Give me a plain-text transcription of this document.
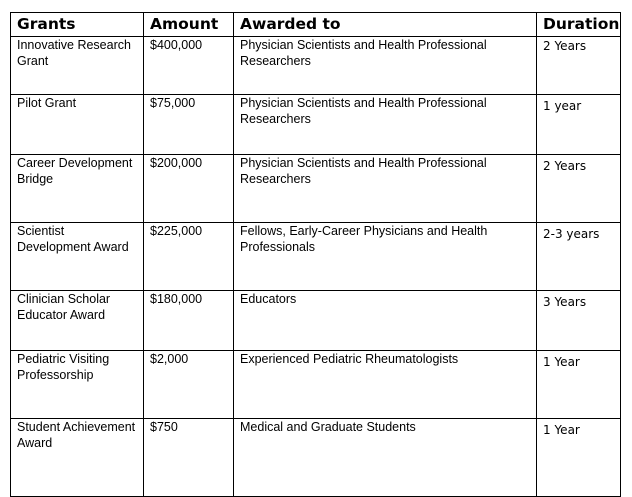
Grants	Amount	Awarded to	Duration
Innovative Research Grant	$400,000	Physician Scientists and Health Professional Researchers	2 Years
Pilot Grant	$75,000	Physician Scientists and Health Professional Researchers	1 year
Career Development Bridge	$200,000	Physician Scientists and Health Professional Researchers	2 Years
Scientist Development Award	$225,000	Fellows, Early-Career Physicians and Health Professionals	2-3 years
Clinician Scholar Educator Award	$180,000	Educators	3 Years
Pediatric Visiting Professorship	$2,000	Experienced Pediatric Rheumatologists	1 Year
Student Achievement Award	$750	Medical and Graduate Students	1 Year
